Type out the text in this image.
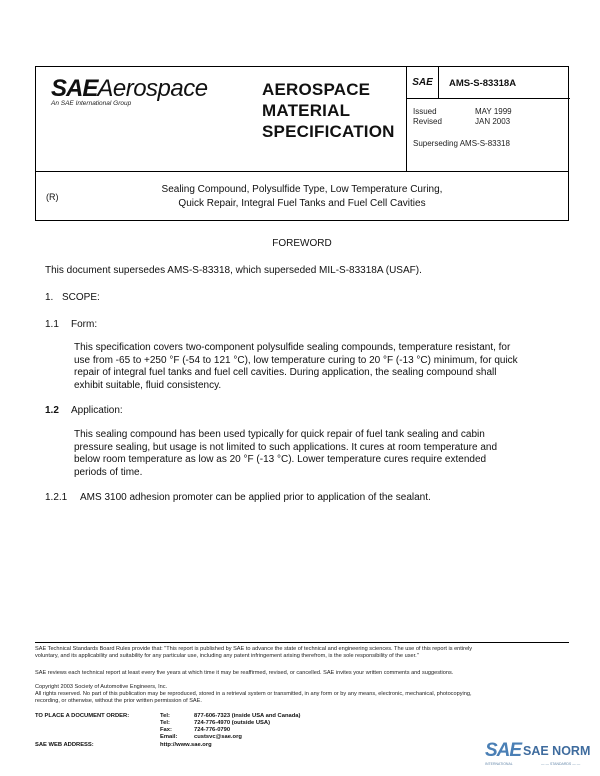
SAEAerospace
An SAE International Group
AEROSPACE
MATERIAL
SPECIFICATION
SAE	AMS-S-83318A
Issued	MAY 1999
Revised	JAN 2003
Superseding AMS-S-83318
(R)
Sealing Compound, Polysulfide Type, Low Temperature Curing,
Quick Repair, Integral Fuel Tanks and Fuel Cell Cavities
FOREWORD
This document supersedes AMS-S-83318, which superseded MIL-S-83318A (USAF).
1. SCOPE:
1.1 Form:
This specification covers two-component polysulfide sealing compounds, temperature resistant, for
use from -65 to +250 °F (-54 to 121 °C), low temperature curing to 20 °F (-13 °C) minimum, for quick
repair of integral fuel tanks and fuel cell cavities. During application, the sealing compound shall
exhibit suitable, fluid consistency.
1.2 Application:
This sealing compound has been used typically for quick repair of fuel tank sealing and cabin
pressure sealing, but usage is not limited to such applications. It cures at room temperature and
below room temperature as low as 20 °F (-13 °C). Lower temperature cures require extended
periods of time.
1.2.1 AMS 3100 adhesion promoter can be applied prior to application of the sealant.
SAE Technical Standards Board Rules provide that: "This report is published by SAE to advance the state of technical and engineering sciences. The use of this report is entirely
voluntary, and its applicability and suitability for any particular use, including any patent infringement arising therefrom, is the sole responsibility of the user."
SAE reviews each technical report at least every five years at which time it may be reaffirmed, revised, or cancelled. SAE invites your written comments and suggestions.
Copyright 2003 Society of Automotive Engineers, Inc.
All rights reserved. No part of this publication may be reproduced, stored in a retrieval system or transmitted, in any form or by any means, electronic, mechanical, photocopying,
recording, or otherwise, without the prior written permission of SAE.
TO PLACE A DOCUMENT ORDER:	Tel:	877-606-7323 (inside USA and Canada)
Tel:	724-776-4970 (outside USA)
Fax:	724-776-0790
Email:	custsvc@sae.org
SAE WEB ADDRESS:	http://www.sae.org	SAE SAE NORM
INTERNATIONAL	— — STANDARDS — —
